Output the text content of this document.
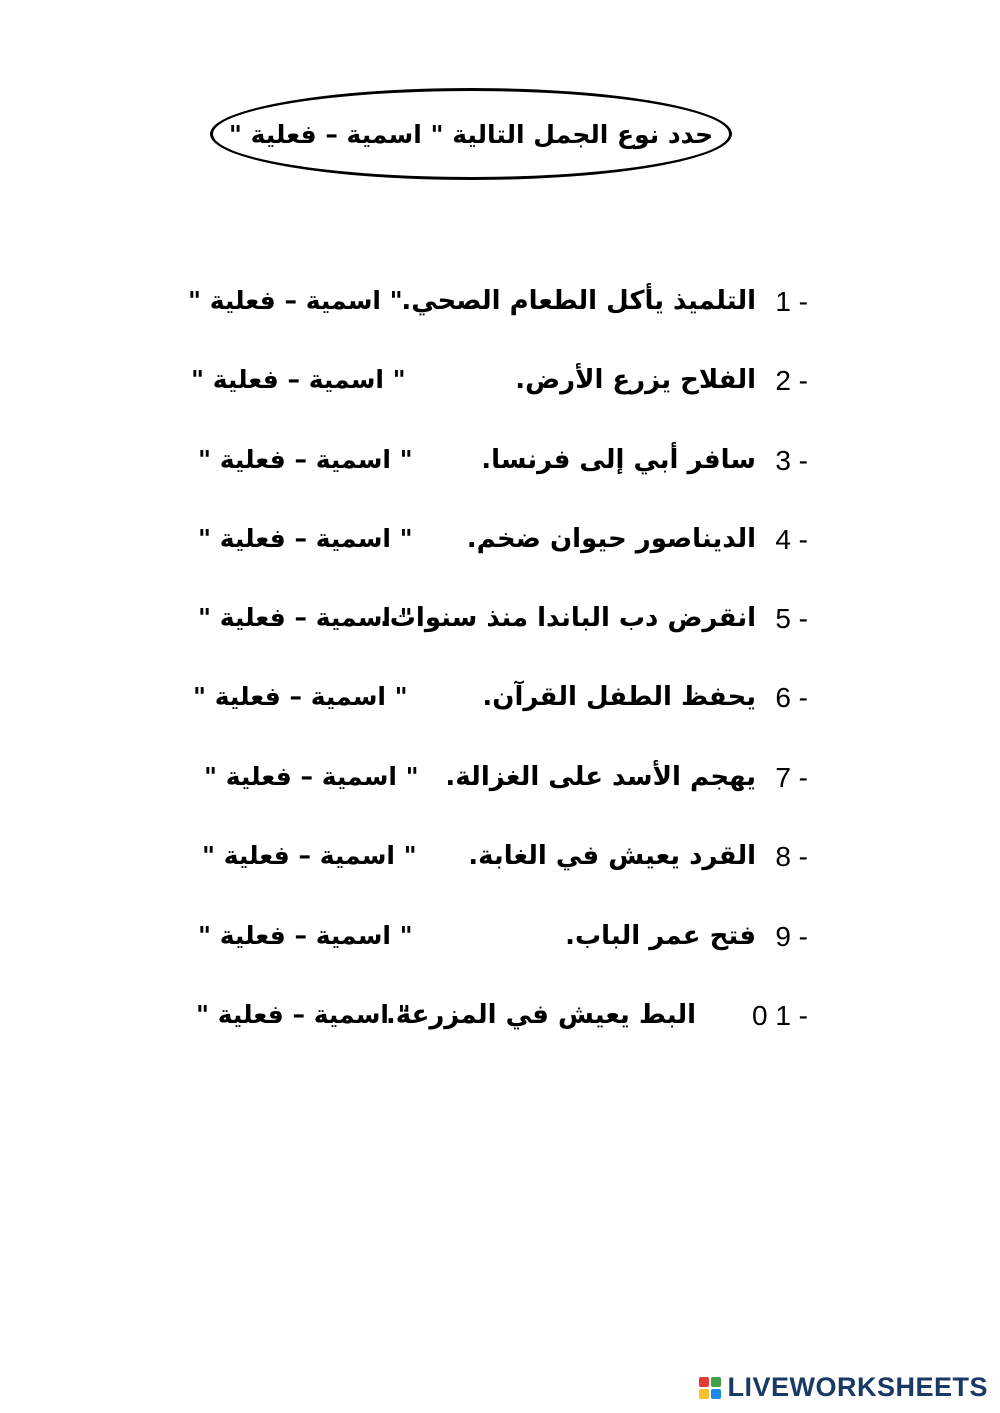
حدد نوع الجمل التالية " اسمية – فعلية "
1 -
التلميذ يأكل الطعام الصحي.
" اسمية – فعلية "
2 -
الفلاح يزرع الأرض.
" اسمية – فعلية "
3 -
سافر أبي إلى فرنسا.
" اسمية – فعلية "
4 -
الديناصور حيوان ضخم.
" اسمية – فعلية "
5 -
انقرض دب الباندا منذ سنوات.
" اسمية – فعلية "
6 -
يحفظ الطفل القرآن.
" اسمية – فعلية "
7 -
يهجم الأسد على الغزالة.
" اسمية – فعلية "
8 -
القرد يعيش في الغابة.
" اسمية – فعلية "
9 -
فتح عمر الباب.
" اسمية – فعلية "
0 1 -
البط يعيش في المزرعة.
" اسمية – فعلية "
LIVEWORKSHEETS
